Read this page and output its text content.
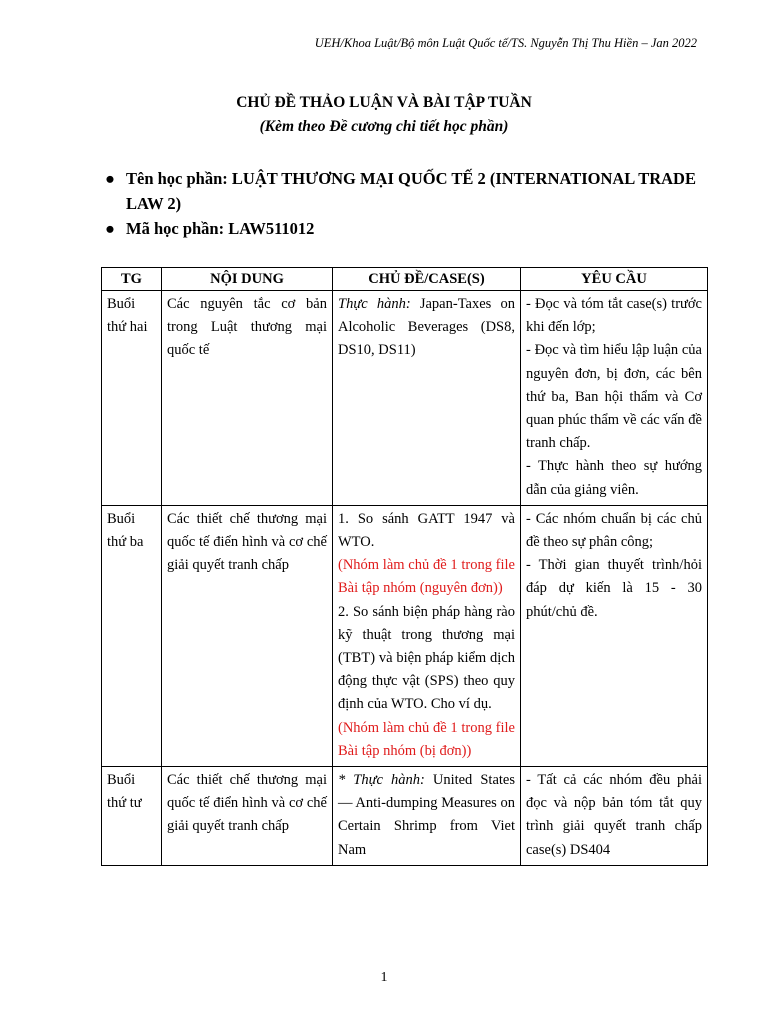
UEH/Khoa Luật/Bộ môn Luật Quốc tế/TS. Nguyễn Thị Thu Hiền – Jan 2022
CHỦ ĐỀ THẢO LUẬN VÀ BÀI TẬP TUẦN
(Kèm theo Đề cương chi tiết học phần)
● Tên học phần: LUẬT THƯƠNG MẠI QUỐC TẾ 2 (INTERNATIONAL TRADE LAW 2)
● Mã học phần: LAW511012
TG	NỘI DUNG	CHỦ ĐỀ/CASE(S)	YÊU CẦU
Buổi thứ hai	Các nguyên tắc cơ bản trong Luật thương mại quốc tế	Thực hành: Japan-Taxes on Alcoholic Beverages (DS8, DS10, DS11)	- Đọc và tóm tắt case(s) trước khi đến lớp;
- Đọc và tìm hiểu lập luận của nguyên đơn, bị đơn, các bên thứ ba, Ban hội thẩm và Cơ quan phúc thẩm về các vấn đề tranh chấp.
- Thực hành theo sự hướng dẫn của giảng viên.

Buổi thứ ba	Các thiết chế thương mại quốc tế điển hình và cơ chế giải quyết tranh chấp	1. So sánh GATT 1947 và WTO.
(Nhóm làm chủ đề 1 trong file Bài tập nhóm (nguyên đơn))
2. So sánh biện pháp hàng rào kỹ thuật trong thương mại (TBT) và biện pháp kiểm dịch động thực vật (SPS) theo quy định của WTO. Cho ví dụ.
(Nhóm làm chủ đề 1 trong file Bài tập nhóm (bị đơn))	- Các nhóm chuẩn bị các chủ đề theo sự phân công;
- Thời gian thuyết trình/hỏi đáp dự kiến là 15 - 30 phút/chủ đề.

Buổi thứ tư	Các thiết chế thương mại quốc tế điển hình và cơ chế giải quyết tranh chấp	* Thực hành: United States — Anti-dumping Measures on Certain Shrimp from Viet Nam	- Tất cả các nhóm đều phải đọc và nộp bản tóm tắt quy trình giải quyết tranh chấp case(s) DS404
1
